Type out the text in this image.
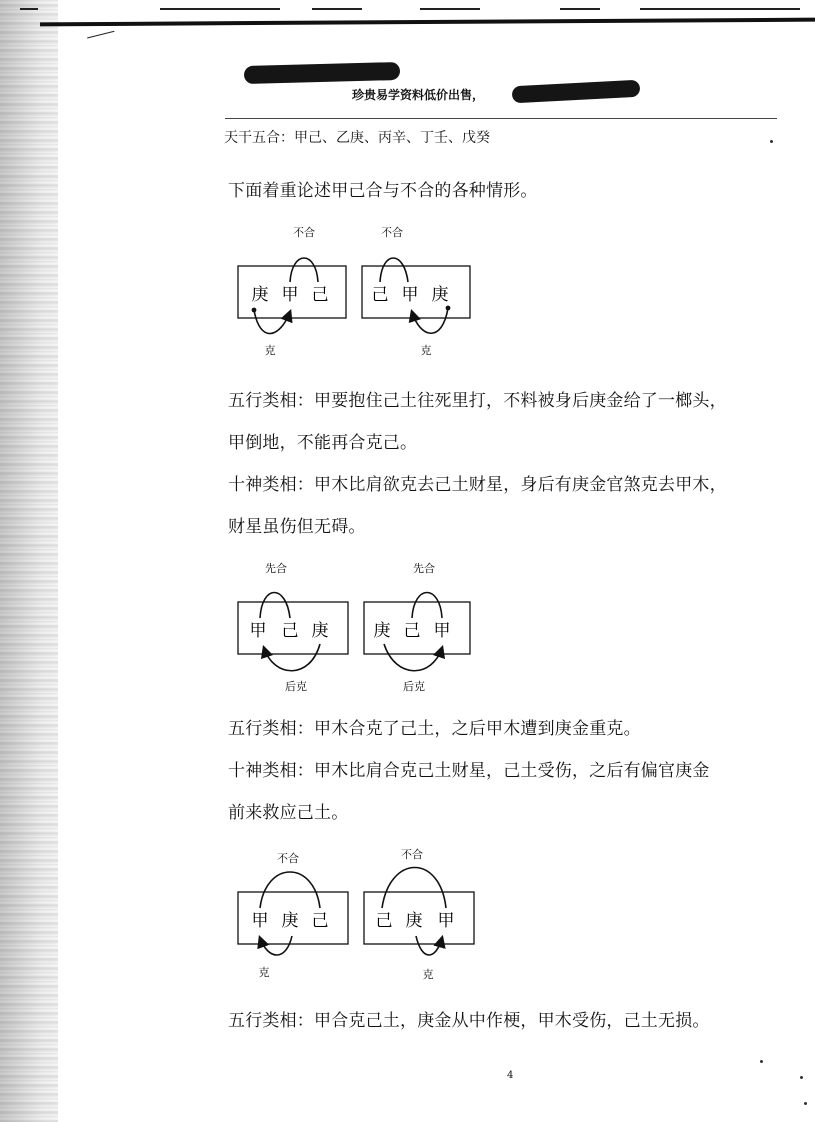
珍贵易学资料低价出售，
天干五合：甲己、乙庚、丙辛、丁壬、戊癸
下面着重论述甲己合与不合的各种情形。
不合
庚 甲 己
克
不合
己 甲 庚
克
五行类相：甲要抱住己土往死里打，不料被身后庚金给了一榔头，
甲倒地，不能再合克己。
十神类相：甲木比肩欲克去己土财星，身后有庚金官煞克去甲木，
财星虽伤但无碍。
先合
甲 己 庚
后克
先合
庚 己 甲
后克
五行类相：甲木合克了己土，之后甲木遭到庚金重克。
十神类相：甲木比肩合克己土财星，己土受伤，之后有偏官庚金
前来救应己土。
不合
甲 庚 己
克
不合
己 庚 甲
克
五行类相：甲合克己土，庚金从中作梗，甲木受伤，己土无损。
4
